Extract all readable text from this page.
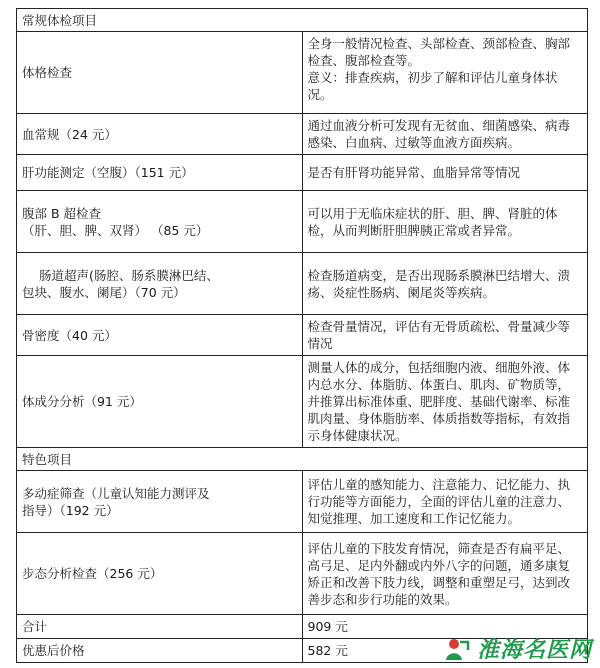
常规体检项目	
体格检查	全身一般情况检查、头部检查、颈部检查、胸部检查、腹部检查等。
意义：排查疾病，初步了解和评估儿童身体状况。

血常规（24 元）	通过血液分析可发现有无贫血、细菌感染、病毒感染、白血病、过敏等血液方面疾病。
肝功能测定（空腹）（151 元）	是否有肝肾功能异常、血脂异常等情况

腹部 B 超检查
（肝、胆、脾、双肾） （85 元）	可以用于无临床症状的肝、胆、脾、肾脏的体检，从而判断肝胆脾胰正常或者异常。

肠道超声(肠腔、肠系膜淋巴结、
包块、腹水、阑尾）（70 元）	检查肠道病变，是否出现肠系膜淋巴结增大、溃疡、炎症性肠病、阑尾炎等疾病。
骨密度（40 元）	检查骨量情况，评估有无骨质疏松、骨量减少等情况
体成分分析（91 元）	测量人体的成分，包括细胞内液、细胞外液、体内总水分、体脂肪、体蛋白、肌肉、矿物质等，并推算出标准体重、肥胖度、基础代谢率、标准肌肉量、身体脂肪率、体质指数等指标，有效指示身体健康状况。
特色项目	

多动症筛查（儿童认知能力测评及
指导）（192 元）	评估儿童的感知能力、注意能力、记忆能力、执行功能等方面能力，全面的评估儿童的注意力、知觉推理、加工速度和工作记忆能力。
步态分析检查（256 元）	评估儿童的下肢发育情况，筛查是否有扁平足、高弓足、足内外翻或内外八字的问题，通多康复矫正和改善下肢力线，调整和重塑足弓，达到改善步态和步行功能的效果。
合计	909 元
优惠后价格	582 元	淮海名医网
